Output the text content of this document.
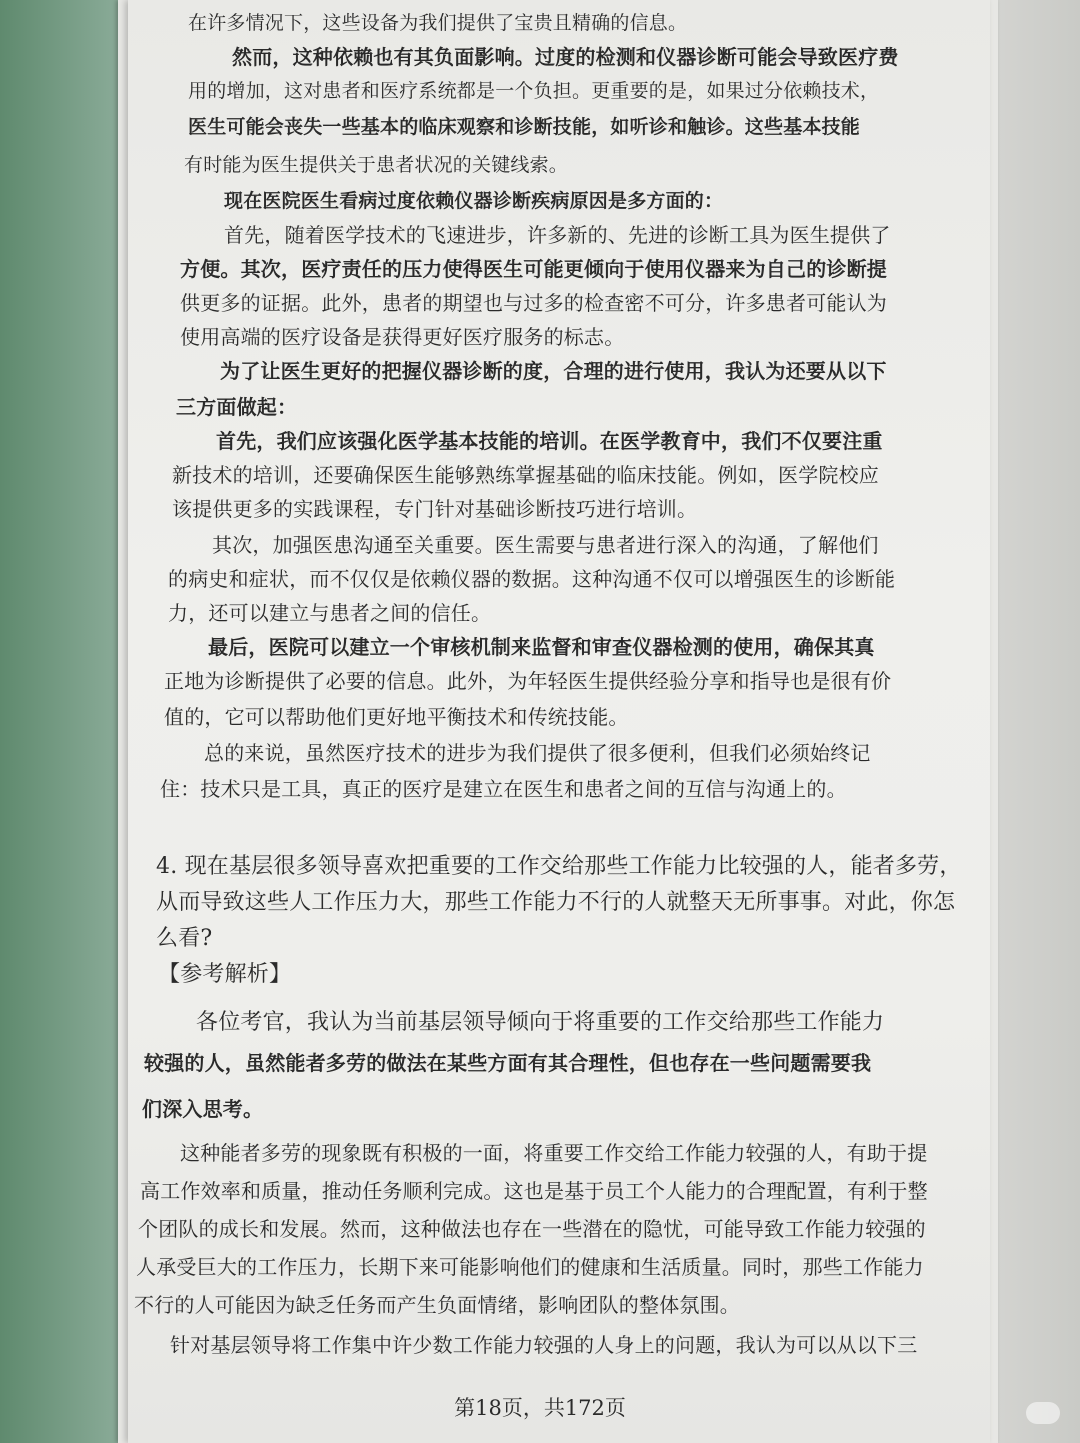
在许多情况下，这些设备为我们提供了宝贵且精确的信息。
然而，这种依赖也有其负面影响。过度的检测和仪器诊断可能会导致医疗费
用的增加，这对患者和医疗系统都是一个负担。更重要的是，如果过分依赖技术，
医生可能会丧失一些基本的临床观察和诊断技能，如听诊和触诊。这些基本技能
有时能为医生提供关于患者状况的关键线索。
现在医院医生看病过度依赖仪器诊断疾病原因是多方面的：
首先，随着医学技术的飞速进步，许多新的、先进的诊断工具为医生提供了
方便。其次，医疗责任的压力使得医生可能更倾向于使用仪器来为自己的诊断提
供更多的证据。此外，患者的期望也与过多的检查密不可分，许多患者可能认为
使用高端的医疗设备是获得更好医疗服务的标志。
为了让医生更好的把握仪器诊断的度，合理的进行使用，我认为还要从以下
三方面做起：
首先，我们应该强化医学基本技能的培训。在医学教育中，我们不仅要注重
新技术的培训，还要确保医生能够熟练掌握基础的临床技能。例如，医学院校应
该提供更多的实践课程，专门针对基础诊断技巧进行培训。
其次，加强医患沟通至关重要。医生需要与患者进行深入的沟通，了解他们
的病史和症状，而不仅仅是依赖仪器的数据。这种沟通不仅可以增强医生的诊断能
力，还可以建立与患者之间的信任。
最后，医院可以建立一个审核机制来监督和审查仪器检测的使用，确保其真
正地为诊断提供了必要的信息。此外，为年轻医生提供经验分享和指导也是很有价
值的，它可以帮助他们更好地平衡技术和传统技能。
总的来说，虽然医疗技术的进步为我们提供了很多便利，但我们必须始终记
住：技术只是工具，真正的医疗是建立在医生和患者之间的互信与沟通上的。
4. 现在基层很多领导喜欢把重要的工作交给那些工作能力比较强的人，能者多劳，
从而导致这些人工作压力大，那些工作能力不行的人就整天无所事事。对此，你怎
么看?
【参考解析】
各位考官，我认为当前基层领导倾向于将重要的工作交给那些工作能力
较强的人，虽然能者多劳的做法在某些方面有其合理性，但也存在一些问题需要我
们深入思考。
这种能者多劳的现象既有积极的一面，将重要工作交给工作能力较强的人，有助于提
高工作效率和质量，推动任务顺利完成。这也是基于员工个人能力的合理配置，有利于整
个团队的成长和发展。然而，这种做法也存在一些潜在的隐忧，可能导致工作能力较强的
人承受巨大的工作压力，长期下来可能影响他们的健康和生活质量。同时，那些工作能力
不行的人可能因为缺乏任务而产生负面情绪，影响团队的整体氛围。
针对基层领导将工作集中许少数工作能力较强的人身上的问题，我认为可以从以下三
第18页，共172页
